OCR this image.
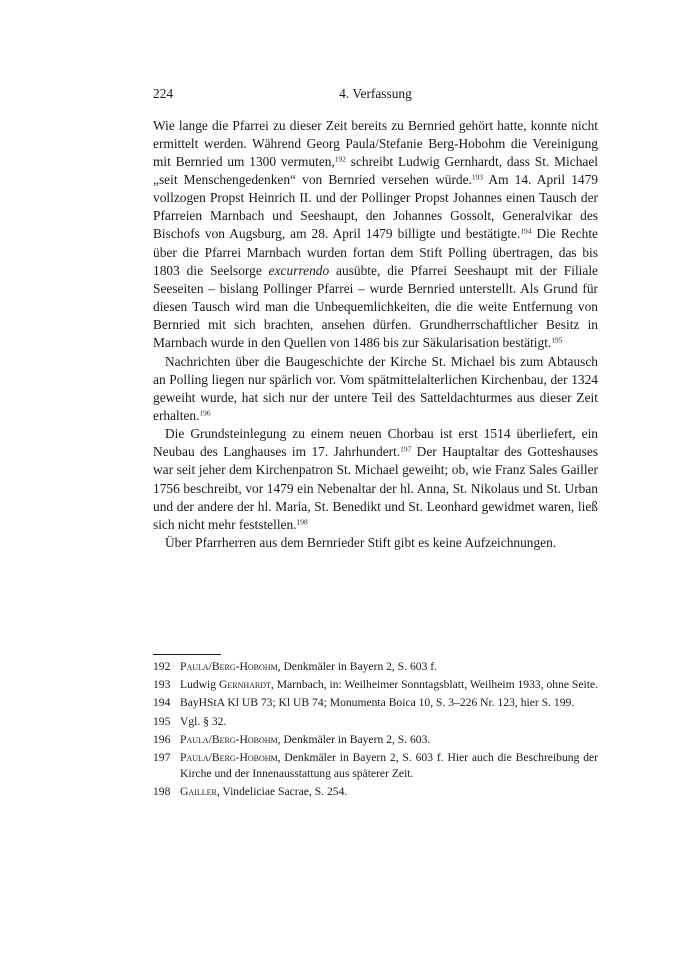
224	4. Verfassung

Wie lange die Pfarrei zu dieser Zeit bereits zu Bernried gehört hatte, konnte nicht ermittelt werden. Während Georg Paula/Stefanie Berg-Hobohm die Vereinigung mit Bernried um 1300 vermuten,$^{192}$ schreibt Ludwig Gernhardt, dass St. Michael „seit Menschengedenken“ von Bernried versehen würde.$^{193}$ Am 14. April 1479 vollzogen Propst Heinrich II. und der Pollinger Propst Johannes einen Tausch der Pfarreien Marnbach und Seeshaupt, den Johannes Gossolt, Generalvikar des Bischofs von Augsburg, am 28. April 1479 billigte und bestätigte.$^{194}$ Die Rechte über die Pfarrei Marnbach wurden fortan dem Stift Polling übertragen, das bis 1803 die Seelsorge excurrendo ausübte, die Pfarrei Seeshaupt mit der Filiale Seeseiten – bislang Pollinger Pfarrei – wurde Bernried unterstellt. Als Grund für diesen Tausch wird man die Unbequemlichkeiten, die die weite Entfernung von Bernried mit sich brachten, ansehen dürfen. Grundherrschaftlicher Besitz in Marnbach wurde in den Quellen von 1486 bis zur Säkularisation bestätigt.$^{195}$

Nachrichten über die Baugeschichte der Kirche St. Michael bis zum Abtausch an Polling liegen nur spärlich vor. Vom spätmittelalterlichen Kirchenbau, der 1324 geweiht wurde, hat sich nur der untere Teil des Satteldachturmes aus dieser Zeit erhalten.$^{196}$

Die Grundsteinlegung zu einem neuen Chorbau ist erst 1514 überliefert, ein Neubau des Langhauses im 17. Jahrhundert.$^{197}$ Der Hauptaltar des Gotteshauses war seit jeher dem Kirchenpatron St. Michael geweiht; ob, wie Franz Sales Gailler 1756 beschreibt, vor 1479 ein Nebenaltar der hl. Anna, St. Nikolaus und St. Urban und der andere der hl. Maria, St. Benedikt und St. Leonhard gewidmet waren, ließ sich nicht mehr feststellen.$^{198}$

Über Pfarrherren aus dem Bernrieder Stift gibt es keine Aufzeichnungen.

192 Paula/Berg-Hobohm, Denkmäler in Bayern 2, S. 603 f.
193 Ludwig Gernhardt, Marnbach, in: Weilheimer Sonntagsblatt, Weilheim 1933, ohne Seite.
194 BayHStA Kl UB 73; Kl UB 74; Monumenta Boica 10, S. 3–226 Nr. 123, hier S. 199.
195 Vgl. § 32.
196 Paula/Berg-Hobohm, Denkmäler in Bayern 2, S. 603.
197 Paula/Berg-Hobohm, Denkmäler in Bayern 2, S. 603 f. Hier auch die Beschreibung der Kirche und der Innenausstattung aus späterer Zeit.
198 Gailler, Vindeliciae Sacrae, S. 254.
